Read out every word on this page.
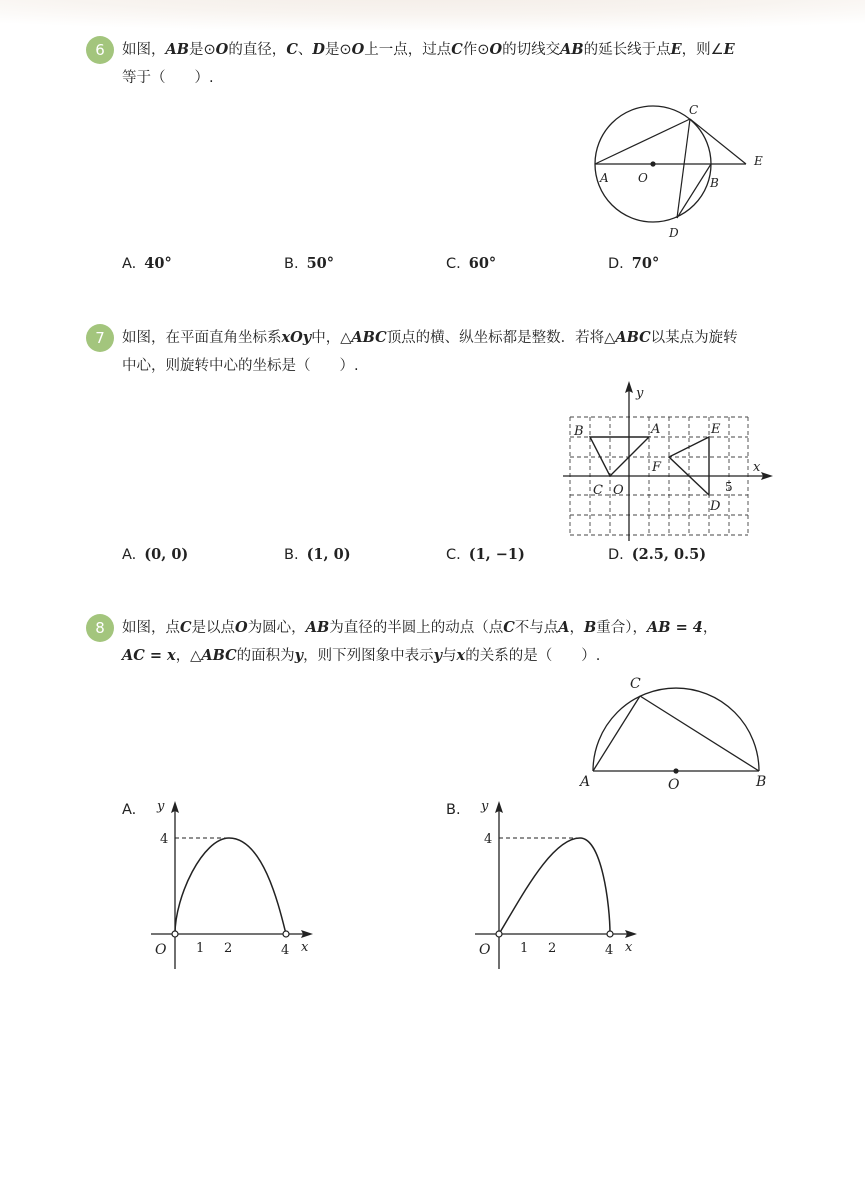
6	如图，AB是⊙O的直径，C、D是⊙O上一点，过点C作⊙O的切线交AB的延长线于点E，则∠E
等于（　　）.
A O	B
C
D
E
A. 40°	B. 50°	C. 60°	D. 70°
7	如图，在平面直角坐标系xOy中，△ABC顶点的横、纵坐标都是整数．若将△ABC以某点为旋转
中心，则旋转中心的坐标是（　　）.
y
x
B	A	E
F
C O
D
5
A. (0, 0)	B. (1, 0)	C. (1, −1)	D. (2.5, 0.5)
8	如图，点C是以点O为圆心，AB为直径的半圆上的动点（点C不与点A，B重合），AB = 4，
AC = x，△ABC的面积为y，则下列图象中表示y与x的关系的是（　　）.
C
A	O	B
A. y
4
O 1 2	4 x
B. y
4
O 1 2	4 x
